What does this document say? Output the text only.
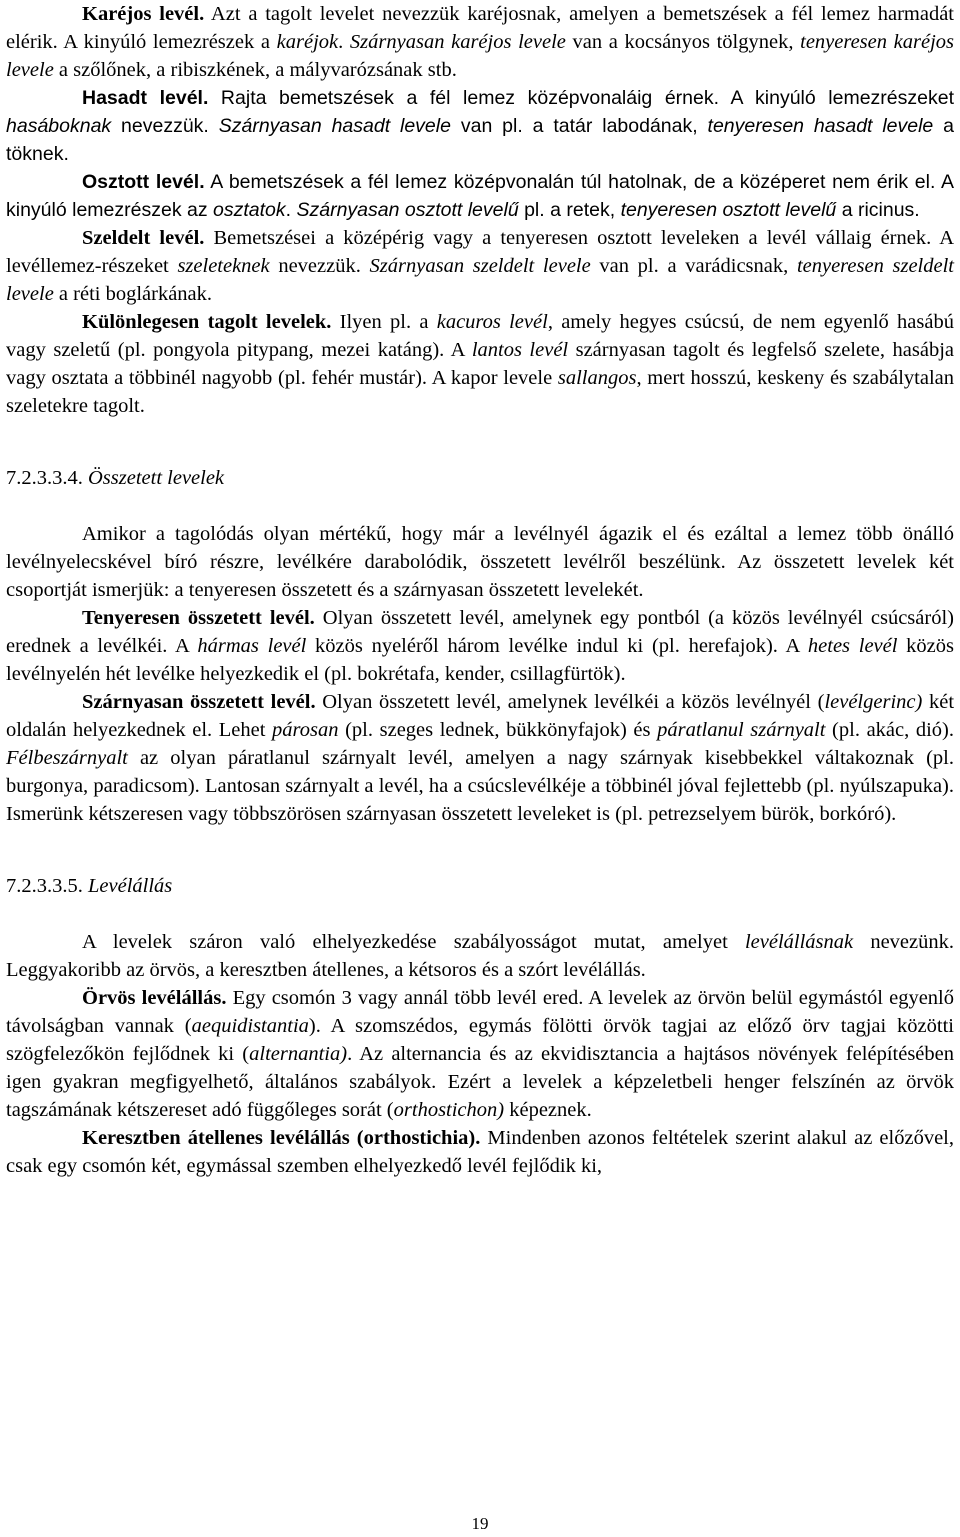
Karéjos levél. Azt a tagolt levelet nevezzük karéjosnak, amelyen a bemetszések a fél lemez harmadát elérik. A kinyúló lemezrészek a karéjok. Szárnyasan karéjos levele van a kocsányos tölgynek, tenyeresen karéjos levele a szőlőnek, a ribiszkének, a mályvarózsának stb.

Hasadt levél. Rajta bemetszések a fél lemez középvonaláig érnek. A kinyúló lemezrészeket hasáboknak nevezzük. Szárnyasan hasadt levele van pl. a tatár labodának, tenyeresen hasadt levele a töknek.

Osztott levél. A bemetszések a fél lemez középvonalán túl hatolnak, de a középeret nem érik el. A kinyúló lemezrészek az osztatok. Szárnyasan osztott levelű pl. a retek, tenyeresen osztott levelű a ricinus.

Szeldelt levél. Bemetszései a középérig vagy a tenyeresen osztott leveleken a levél vállaig érnek. A levéllemez-részeket szeleteknek nevezzük. Szárnyasan szeldelt levele van pl. a varádicsnak, tenyeresen szeldelt levele a réti boglárkának.

Különlegesen tagolt levelek. Ilyen pl. a kacuros levél, amely hegyes csúcsú, de nem egyenlő hasábú vagy szeletű (pl. pongyola pitypang, mezei katáng). A lantos levél szárnyasan tagolt és legfelső szelete, hasábja vagy osztata a többinél nagyobb (pl. fehér mustár). A kapor levele sallangos, mert hosszú, keskeny és szabálytalan szeletekre tagolt.

7.2.3.3.4. Összetett levelek

Amikor a tagolódás olyan mértékű, hogy már a levélnyél ágazik el és ezáltal a lemez több önálló levélnyelecskével bíró részre, levélkére darabolódik, összetett levélről beszélünk. Az összetett levelek két csoportját ismerjük: a tenyeresen összetett és a szárnyasan összetett levelekét.

Tenyeresen összetett levél. Olyan összetett levél, amelynek egy pontból (a közös levélnyél csúcsáról) erednek a levélkéi. A hármas levél közös nyeléről három levélke indul ki (pl. herefajok). A hetes levél közös levélnyelén hét levélke helyezkedik el (pl. bokrétafa, kender, csillagfürtök).

Szárnyasan összetett levél. Olyan összetett levél, amelynek levélkéi a közös levélnyél (levélgerinc) két oldalán helyezkednek el. Lehet párosan (pl. szeges lednek, bükkönyfajok) és páratlanul szárnyalt (pl. akác, dió). Félbeszárnyalt az olyan páratlanul szárnyalt levél, amelyen a nagy szárnyak kisebbekkel váltakoznak (pl. burgonya, paradicsom). Lantosan szárnyalt a levél, ha a csúcslevélkéje a többinél jóval fejlettebb (pl. nyúlszapuka). Ismerünk kétszeresen vagy többszörösen szárnyasan összetett leveleket is (pl. petrezselyem bürök, borkóró).

7.2.3.3.5. Levélállás

A levelek száron való elhelyezkedése szabályosságot mutat, amelyet levélállásnak nevezünk. Leggyakoribb az örvös, a keresztben átellenes, a kétsoros és a szórt levélállás.

Örvös levélállás. Egy csomón 3 vagy annál több levél ered. A levelek az örvön belül egymástól egyenlő távolságban vannak (aequidistantia). A szomszédos, egymás fölötti örvök tagjai az előző örv tagjai közötti szögfelezőkön fejlődnek ki (alternantia). Az alternancia és az ekvidisztancia a hajtásos növények felépítésében igen gyakran megfigyelhető, általános szabályok. Ezért a levelek a képzeletbeli henger felszínén az örvök tagszámának kétszereset adó függőleges sorát (orthostichon) képeznek.

Keresztben átellenes levélállás (orthostichia). Mindenben azonos feltételek szerint alakul az előzővel, csak egy csomón két, egymással szemben elhelyezkedő levél fejlődik ki,

19
